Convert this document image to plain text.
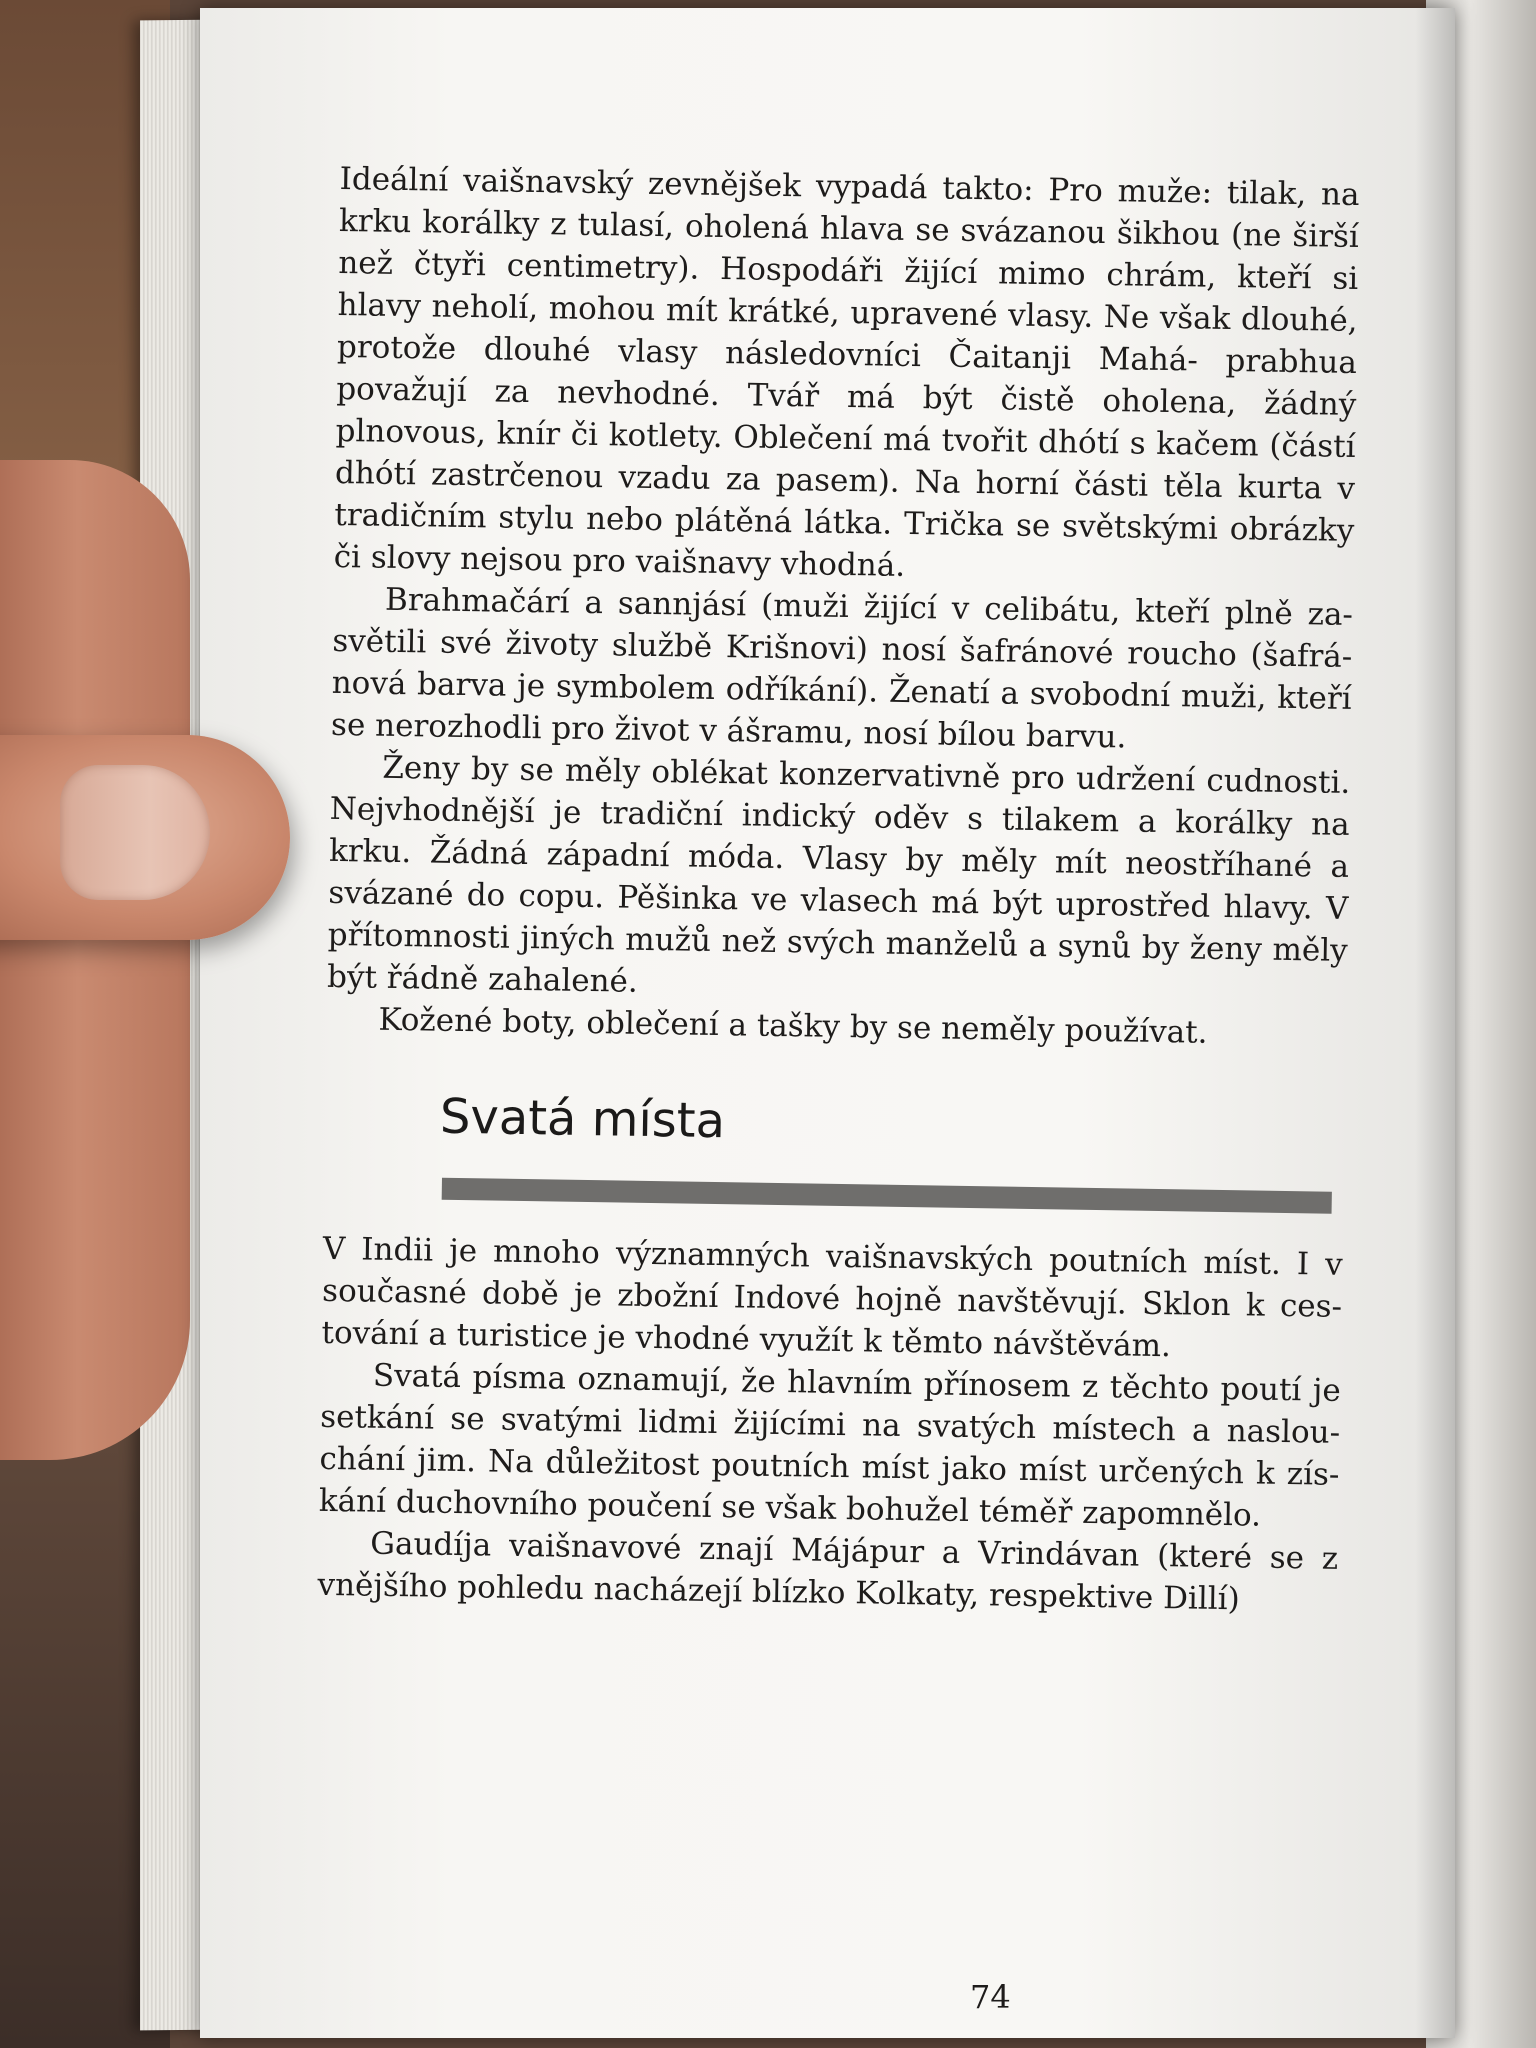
Ideální vaišnavský zevnějšek vypadá takto: Pro muže: tilak, na krku korálky z tulasí, oholená hlava se svázanou šikhou (ne širší než čtyři centimetry). Hospodáři žijící mimo chrám, kteří si hlavy neholí, mohou mít krátké, upravené vlasy. Ne však dlouhé, protože dlouhé vlasy následovníci Čaitanji Mahá- prabhua považují za nevhodné. Tvář má být čistě oholena, žádný plnovous, knír či kotlety. Oblečení má tvořit dhótí s kačem (částí dhótí zastrčenou vzadu za pasem). Na horní části těla kurta v tradičním stylu nebo plátěná látka. Trička se světskými obrázky či slovy nejsou pro vaišnavy vhodná.

Brahmačárí a sannjásí (muži žijící v celibátu, kteří plně za- světili své životy službě Krišnovi) nosí šafránové roucho (šafrá- nová barva je symbolem odříkání). Ženatí a svobodní muži, kteří se nerozhodli pro život v ášramu, nosí bílou barvu.

Ženy by se měly oblékat konzervativně pro udržení cudnosti. Nejvhodnější je tradiční indický oděv s tilakem a korálky na krku. Žádná západní móda. Vlasy by měly mít neostříhané a svázané do copu. Pěšinka ve vlasech má být uprostřed hlavy. V přítomnosti jiných mužů než svých manželů a synů by ženy měly být řádně zahalené.

Kožené boty, oblečení a tašky by se neměly používat.

Svatá místa

V Indii je mnoho významných vaišnavských poutních míst. I v současné době je zbožní Indové hojně navštěvují. Sklon k ces- tování a turistice je vhodné využít k těmto návštěvám.

Svatá písma oznamují, že hlavním přínosem z těchto poutí je setkání se svatými lidmi žijícími na svatých místech a naslou- chání jim. Na důležitost poutních míst jako míst určených k zís- kání duchovního poučení se však bohužel téměř zapomnělo.

Gaudíja vaišnavové znají Májápur a Vrindávan (které se z vnějšího pohledu nacházejí blízko Kolkaty, respektive Dillí)

74
